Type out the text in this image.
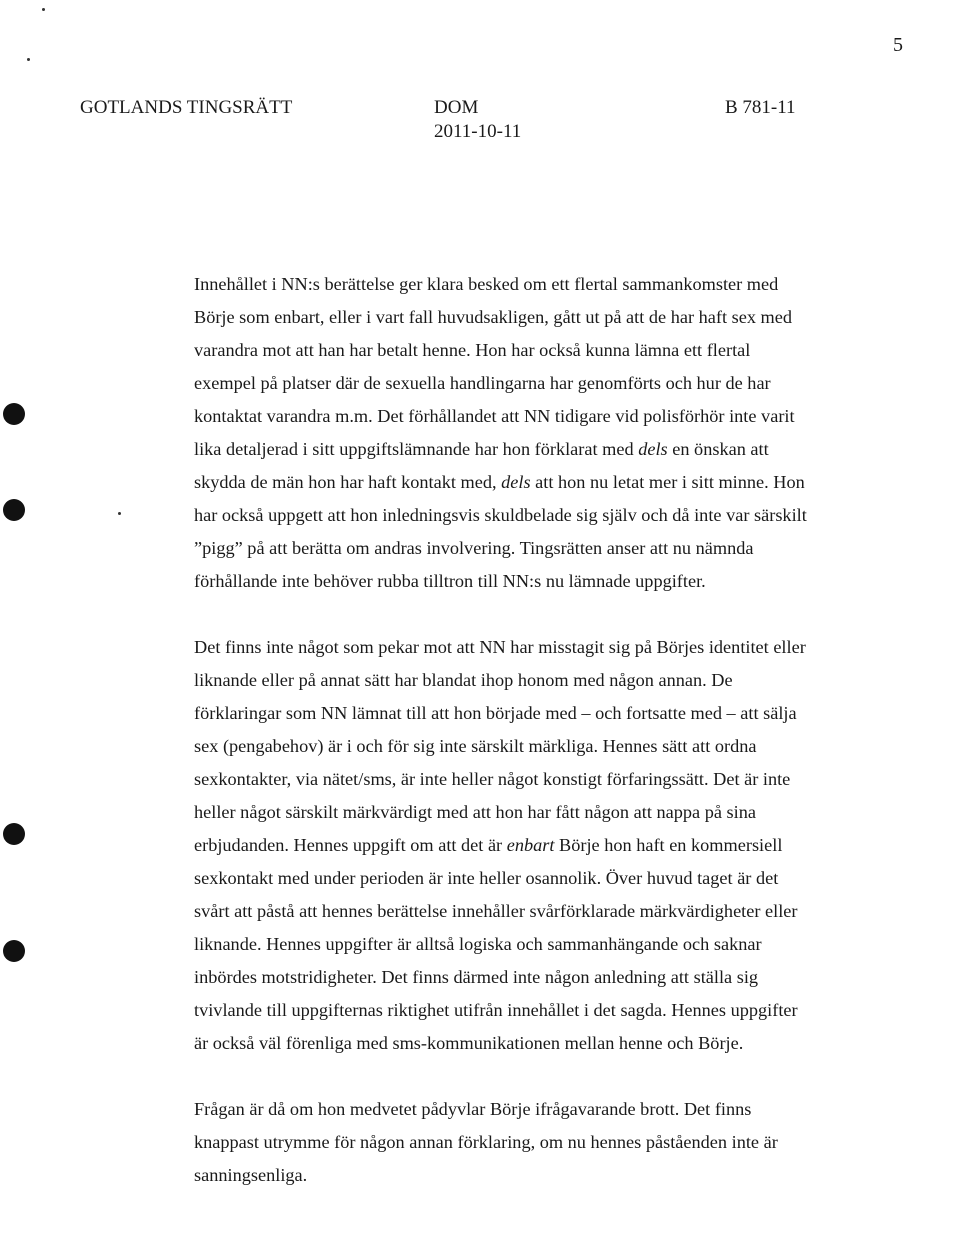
5
GOTLANDS TINGSRÄTT	DOM
2011-10-11
B 781-11
Innehållet i NN:s berättelse ger klara besked om ett flertal sammankomster med
Börje som enbart, eller i vart fall huvudsakligen, gått ut på att de har haft sex med
varandra mot att han har betalt henne. Hon har också kunna lämna ett flertal
exempel på platser där de sexuella handlingarna har genomförts och hur de har
kontaktat varandra m.m. Det förhållandet att NN tidigare vid polisförhör inte varit
lika detaljerad i sitt uppgiftslämnande har hon förklarat med dels en önskan att
skydda de män hon har haft kontakt med, dels att hon nu letat mer i sitt minne. Hon
har också uppgett att hon inledningsvis skuldbelade sig själv och då inte var särskilt
”pigg” på att berätta om andras involvering. Tingsrätten anser att nu nämnda
förhållande inte behöver rubba tilltron till NN:s nu lämnade uppgifter.
Det finns inte något som pekar mot att NN har misstagit sig på Börjes identitet eller
liknande eller på annat sätt har blandat ihop honom med någon annan. De
förklaringar som NN lämnat till att hon började med – och fortsatte med – att sälja
sex (pengabehov) är i och för sig inte särskilt märkliga. Hennes sätt att ordna
sexkontakter, via nätet/sms, är inte heller något konstigt förfaringssätt. Det är inte
heller något särskilt märkvärdigt med att hon har fått någon att nappa på sina
erbjudanden. Hennes uppgift om att det är enbart Börje hon haft en kommersiell
sexkontakt med under perioden är inte heller osannolik. Över huvud taget är det
svårt att påstå att hennes berättelse innehåller svårförklarade märkvärdigheter eller
liknande. Hennes uppgifter är alltså logiska och sammanhängande och saknar
inbördes motstridigheter. Det finns därmed inte någon anledning att ställa sig
tvivlande till uppgifternas riktighet utifrån innehållet i det sagda. Hennes uppgifter
är också väl förenliga med sms-kommunikationen mellan henne och Börje.
Frågan är då om hon medvetet pådyvlar Börje ifrågavarande brott. Det finns
knappast utrymme för någon annan förklaring, om nu hennes påståenden inte är
sanningsenliga.
